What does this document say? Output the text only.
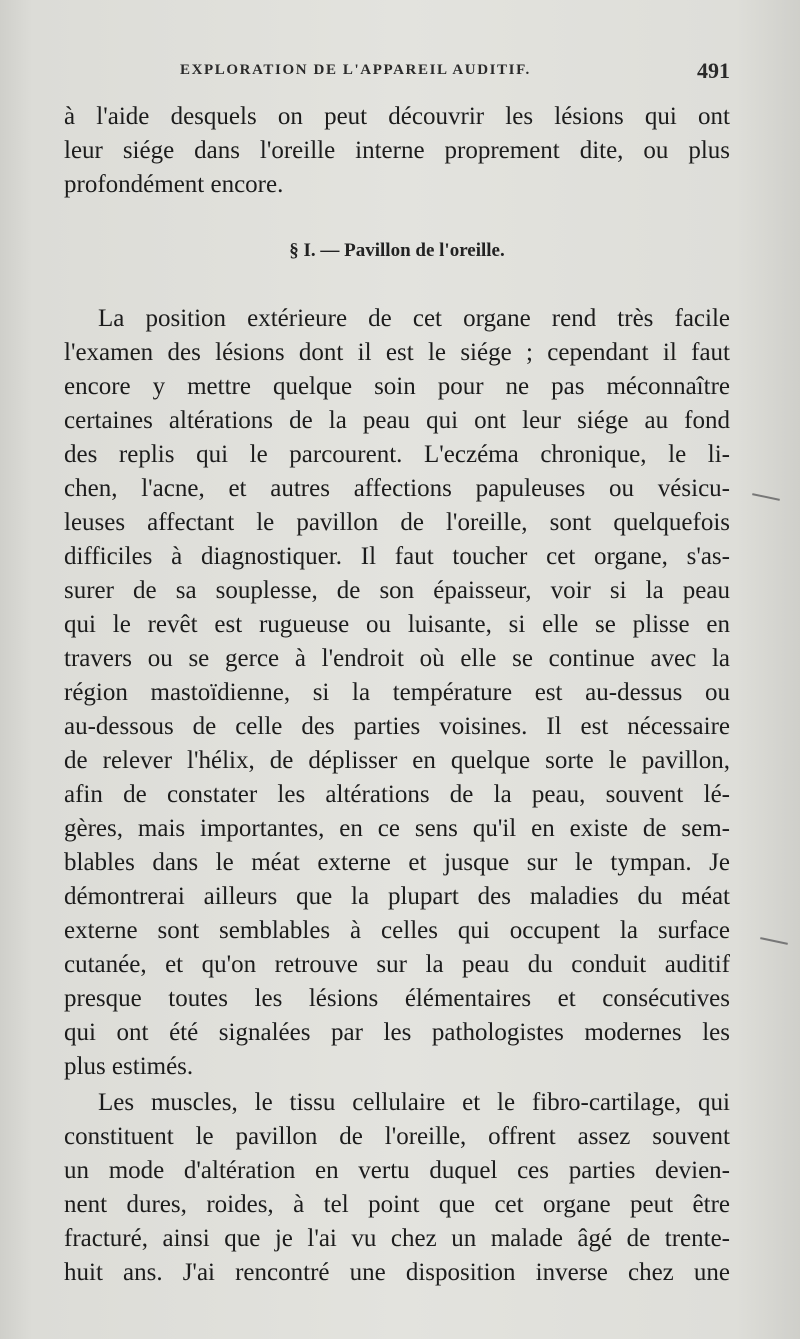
EXPLORATION DE L'APPAREIL AUDITIF.	491
à l'aide desquels on peut découvrir les lésions qui ont
leur siége dans l'oreille interne proprement dite, ou plus
profondément encore.
§ I. — Pavillon de l'oreille.
La position extérieure de cet organe rend très facile
l'examen des lésions dont il est le siége ; cependant il faut
encore y mettre quelque soin pour ne pas méconnaître
certaines altérations de la peau qui ont leur siége au fond
des replis qui le parcourent. L'eczéma chronique, le li-
chen, l'acne, et autres affections papuleuses ou vésicu-
leuses affectant le pavillon de l'oreille, sont quelquefois
difficiles à diagnostiquer. Il faut toucher cet organe, s'as-
surer de sa souplesse, de son épaisseur, voir si la peau
qui le revêt est rugueuse ou luisante, si elle se plisse en
travers ou se gerce à l'endroit où elle se continue avec la
région mastoïdienne, si la température est au-dessus ou
au-dessous de celle des parties voisines. Il est nécessaire
de relever l'hélix, de déplisser en quelque sorte le pavillon,
afin de constater les altérations de la peau, souvent lé-
gères, mais importantes, en ce sens qu'il en existe de sem-
blables dans le méat externe et jusque sur le tympan. Je
démontrerai ailleurs que la plupart des maladies du méat
externe sont semblables à celles qui occupent la surface
cutanée, et qu'on retrouve sur la peau du conduit auditif
presque toutes les lésions élémentaires et consécutives
qui ont été signalées par les pathologistes modernes les
plus estimés.
Les muscles, le tissu cellulaire et le fibro-cartilage, qui
constituent le pavillon de l'oreille, offrent assez souvent
un mode d'altération en vertu duquel ces parties devien-
nent dures, roides, à tel point que cet organe peut être
fracturé, ainsi que je l'ai vu chez un malade âgé de trente-
huit ans. J'ai rencontré une disposition inverse chez une
